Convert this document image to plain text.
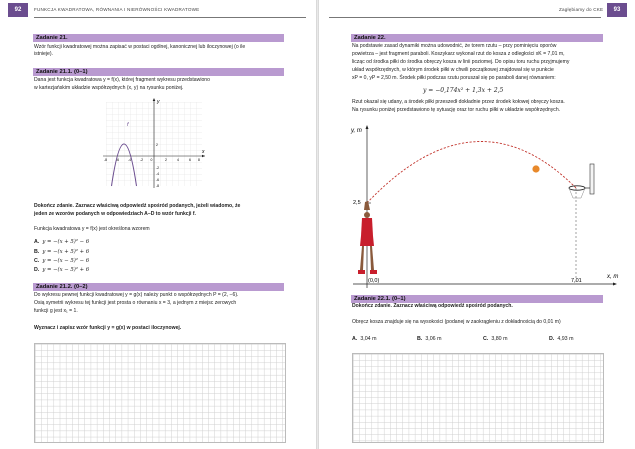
92	FUNKCJA KWADRATOWA, RÓWNANIA I NIERÓWNOŚCI KWADRATOWE
Zadanie 21.
Wzór funkcji kwadratowej można zapisać w postaci ogólnej, kanonicznej lub iloczynowej (o ile
istnieje).
Zadanie 21.1. (0–1)
Dana jest funkcja kwadratowa y = f(x), której fragment wykresu przedstawiono
w kartezjańskim układzie współrzędnych (x, y) na rysunku poniżej.
y
x
f
-8	-6	-4	-2 0	2	4	6 8
2
-2
-4
-6
-8
Dokończ zdanie. Zaznacz właściwą odpowiedź spośród podanych, jeżeli wiadomo, że
jeden ze wzorów podanych w odpowiedziach A–D to wzór funkcji f.
Funkcja kwadratowa y = f(x) jest określona wzorem
A. y = −(x + 5)² − 6
B. y = −(x + 5)² + 6
C. y = −(x − 5)² − 6
D. y = −(x − 5)² + 6
Zadanie 21.2. (0–2)
Do wykresu pewnej funkcji kwadratowej y = g(x) należy punkt o współrzędnych P = (2, −6).
Osią symetrii wykresu tej funkcji jest prosta o równaniu x = 3, a jednym z miejsc zerowych
funkcji g jest x₁ = 1.
Wyznacz i zapisz wzór funkcji y = g(x) w postaci iloczynowej.
Zagłębiamy do CKE	93
Zadanie 22.
Na podstawie zasad dynamiki można udowodnić, że torem rzutu – przy pominięciu oporów
powietrza – jest fragment paraboli. Koszykarz wykonał rzut do kosza z odległości xK = 7,01 m,
licząc od środka piłki do środka obręczy kosza w linii poziomej. Do opisu toru ruchu przyjmujemy
układ współrzędnych, w którym środek piłki w chwili początkowej znajdował się w punkcie
xP = 0, yP = 2,50 m. Środek piłki podczas rzutu poruszał się po paraboli danej równaniem:
y = −0,174x² + 1,3x + 2,5
Rzut okazał się udany, a środek piłki przeszedł dokładnie przez środek kołowej obręczy kosza.
Na rysunku poniżej przedstawiono tę sytuację oraz tor ruchu piłki w układzie współrzędnych.
y, m
x, m
2,5
(0,0)	7,01
Zadanie 22.1. (0–1)
Dokończ zdanie. Zaznacz właściwą odpowiedź spośród podanych.
Obręcz kosza znajduje się na wysokości (podanej w zaokrągleniu z dokładnością do 0,01 m)
A. 3,04 m	B. 3,06 m	C. 3,80 m	D. 4,93 m
